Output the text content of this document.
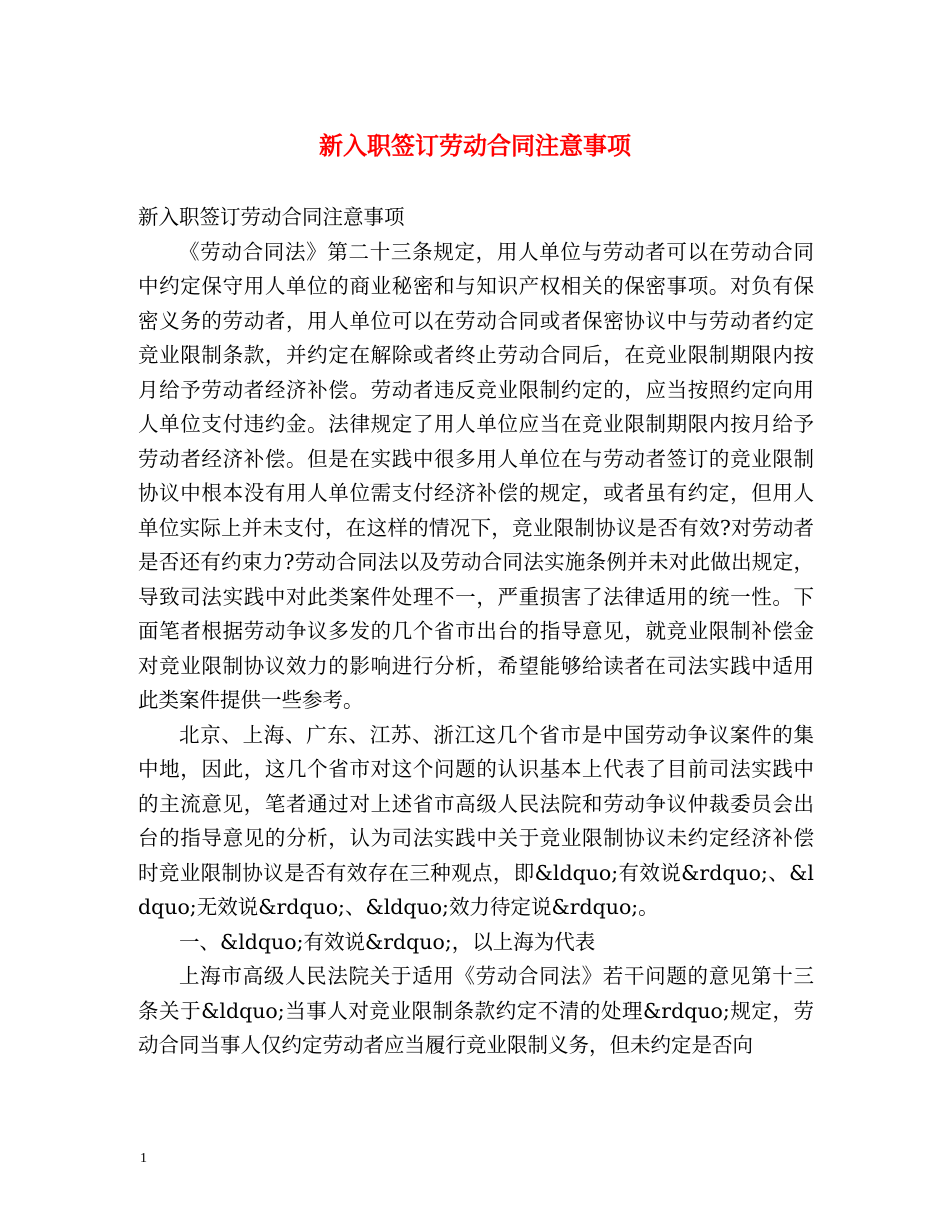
新入职签订劳动合同注意事项

新入职签订劳动合同注意事项

《劳动合同法》第二十三条规定，用人单位与劳动者可以在劳动合同中约定保守用人单位的商业秘密和与知识产权相关的保密事项。对负有保密义务的劳动者，用人单位可以在劳动合同或者保密协议中与劳动者约定竞业限制条款，并约定在解除或者终止劳动合同后，在竞业限制期限内按月给予劳动者经济补偿。劳动者违反竞业限制约定的，应当按照约定向用人单位支付违约金。法律规定了用人单位应当在竞业限制期限内按月给予劳动者经济补偿。但是在实践中很多用人单位在与劳动者签订的竞业限制协议中根本没有用人单位需支付经济补偿的规定，或者虽有约定，但用人单位实际上并未支付，在这样的情况下，竞业限制协议是否有效?对劳动者是否还有约束力?劳动合同法以及劳动合同法实施条例并未对此做出规定，导致司法实践中对此类案件处理不一，严重损害了法律适用的统一性。下面笔者根据劳动争议多发的几个省市出台的指导意见，就竞业限制补偿金对竞业限制协议效力的影响进行分析，希望能够给读者在司法实践中适用此类案件提供一些参考。

北京、上海、广东、江苏、浙江这几个省市是中国劳动争议案件的集中地，因此，这几个省市对这个问题的认识基本上代表了目前司法实践中的主流意见，笔者通过对上述省市高级人民法院和劳动争议仲裁委员会出台的指导意见的分析，认为司法实践中关于竞业限制协议未约定经济补偿时竞业限制协议是否有效存在三种观点，即&ldquo;有效说&rdquo;、&ldquo;无效说&rdquo;、&ldquo;效力待定说&rdquo;。

一、&ldquo;有效说&rdquo;，以上海为代表

上海市高级人民法院关于适用《劳动合同法》若干问题的意见第十三条关于&ldquo;当事人对竞业限制条款约定不清的处理&rdquo;规定，劳动合同当事人仅约定劳动者应当履行竞业限制义务，但未约定是否向

1
